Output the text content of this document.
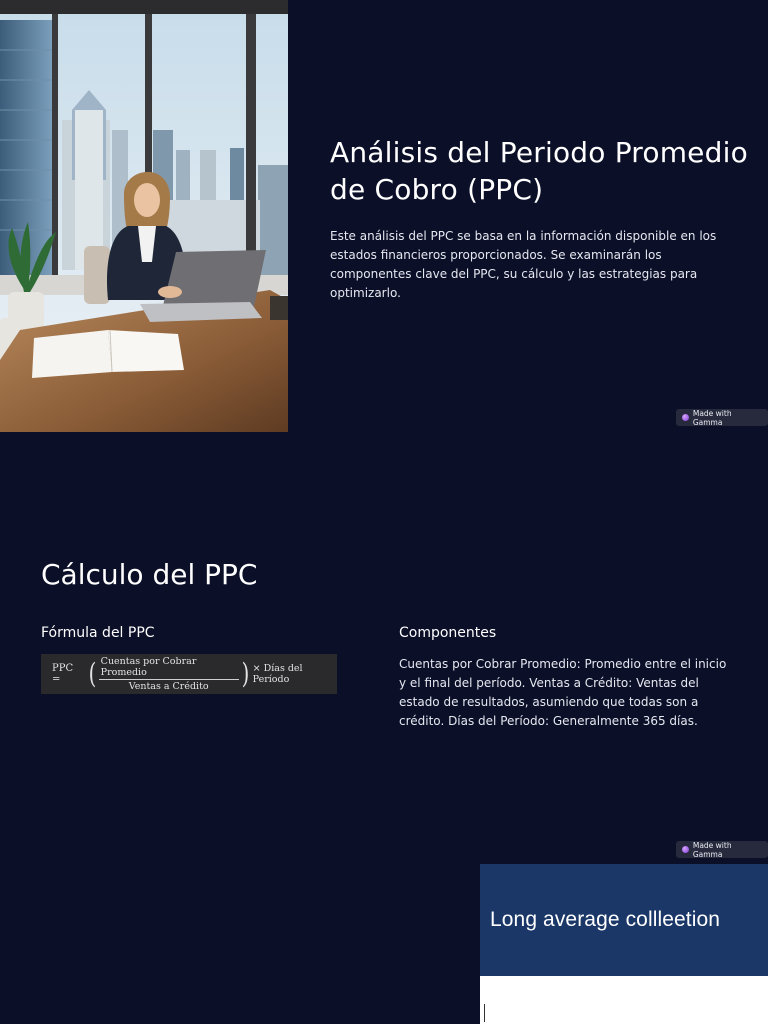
Análisis del Periodo Promedio de Cobro (PPC)

Este análisis del PPC se basa en la información disponible en los estados financieros proporcionados. Se examinarán los componentes clave del PPC, su cálculo y las estrategias para optimizarlo.

Made with Gamma
Cálculo del PPC
Fórmula del PPC
PPC = ( $\frac{\text{Cuentas por Cobrar Promedio}}{\text{Ventas a Crédito}}$ ) × Días del Período
Componentes

Cuentas por Cobrar Promedio: Promedio entre el inicio y el final del período. Ventas a Crédito: Ventas del estado de resultados, asumiendo que todas son a crédito. Días del Período: Generalmente 365 días.

Made with Gamma
Long average collleetion
